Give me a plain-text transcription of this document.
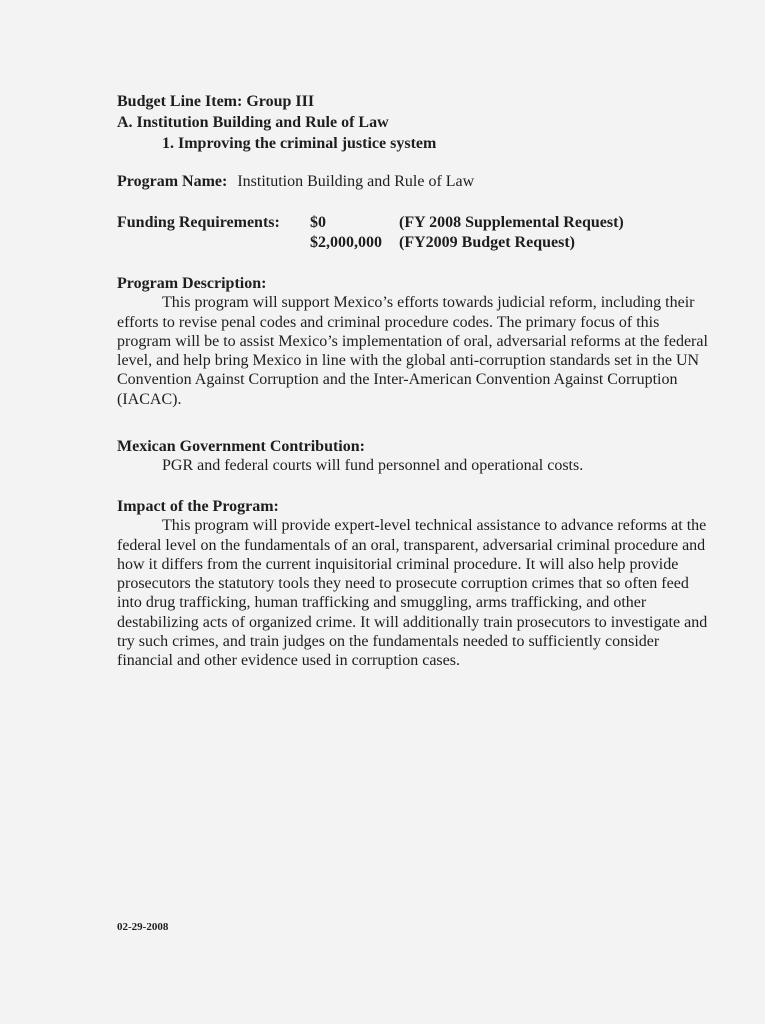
Budget Line Item: Group III
A. Institution Building and Rule of Law
1. Improving the criminal justice system
Program Name: Institution Building and Rule of Law
Funding Requirements: $0	(FY 2008 Supplemental Request)
$2,000,000 (FY2009 Budget Request)
Program Description:

This program will support Mexico’s efforts towards judicial reform, including their efforts to revise penal codes and criminal procedure codes. The primary focus of this program will be to assist Mexico’s implementation of oral, adversarial reforms at the federal level, and help bring Mexico in line with the global anti-corruption standards set in the UN Convention Against Corruption and the Inter-American Convention Against Corruption (IACAC).

Mexican Government Contribution:

PGR and federal courts will fund personnel and operational costs.

Impact of the Program:

This program will provide expert-level technical assistance to advance reforms at the federal level on the fundamentals of an oral, transparent, adversarial criminal procedure and how it differs from the current inquisitorial criminal procedure. It will also help provide prosecutors the statutory tools they need to prosecute corruption crimes that so often feed into drug trafficking, human trafficking and smuggling, arms trafficking, and other destabilizing acts of organized crime. It will additionally train prosecutors to investigate and try such crimes, and train judges on the fundamentals needed to sufficiently consider financial and other evidence used in corruption cases.

02-29-2008
